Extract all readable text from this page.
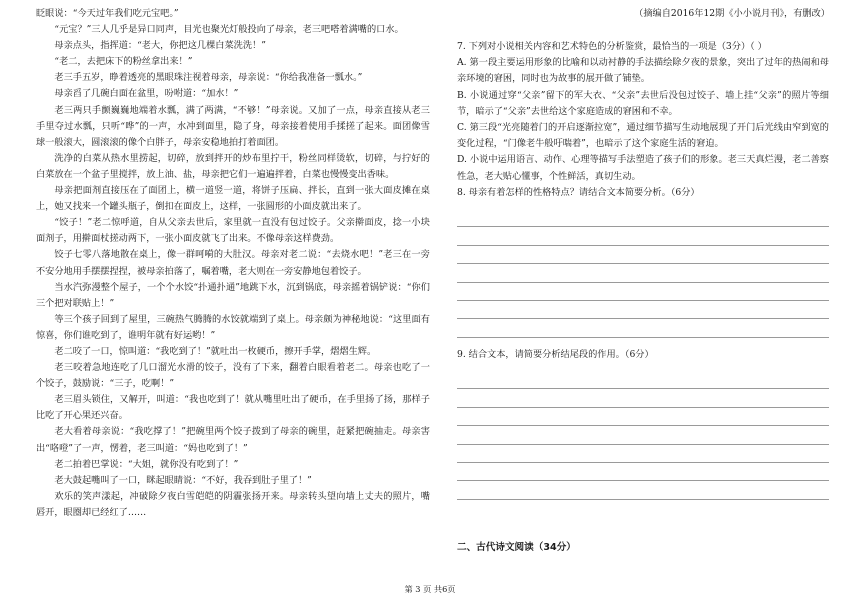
眨眼说：“今天过年我们吃元宝吧。”

“元宝？”三人几乎是异口同声，目光也聚光灯般投向了母亲，老三吧嗒着满嘴的口水。

母亲点头，指挥道：“老大，你把这几棵白菜洗洗！”

“老二，去把床下的粉丝拿出来！”

老三手五岁，睁着透亮的黑眼珠注视着母亲，母亲说：“你给我准备一瓢水。”

母亲舀了几碗白面在盆里，吩咐道：“加水！”

老三两只手颤巍巍地端着水瓢，满了两满，“不够！”母亲说。又加了一点，母亲直接从老三手里夺过水瓢，只听“哗”的一声，水冲到面里，隐了身，母亲接着使用手揉搓了起来。面团像雪球一般滚大，圆滚滚的像个白胖子，母亲安稳地拍打着面团。

洗净的白菜从热水里捞起，切碎，放到拌开的炒布里拧干，粉丝同样烫软，切碎，与拧好的白菜放在一个盆子里搅拌，放上油、盐，母亲把它们一遍遍拌着，白菜也慢慢变出香味。

母亲把面剂直接压在了面团上，横一道竖一道，将饼子压扁、拌长，直到一张大面皮摊在桌上，她又找来一个罐头瓶子，倒扣在面皮上，这样，一张圆形的小面皮就出来了。

“饺子！”老二惊呼道，自从父亲去世后，家里就一直没有包过饺子。父亲擀面皮，捻一小块面剂子，用擀面杖搓动两下，一张小面皮就飞了出来。不像母亲这样费劲。

饺子七零八落地散在桌上，像一群呵嗬的大肚汉。母亲对老二说：“去烧水吧！”老三在一旁不安分地用手摆摆捏捏，被母亲拍落了，嘱着嘴，老大则在一旁安静地包着饺子。

当水汽弥漫整个屋子，一个个水饺“扑通扑通”地跳下水，沉到锅底，母亲摇着锅铲说：“你们三个把对联贴上！”

等三个孩子回到了屋里，三碗热气腾腾的水饺就端到了桌上。母亲颇为神秘地说：“这里面有惊喜，你们谁吃到了，谁明年就有好运哟！”

老二咬了一口，惊叫道：“我吃到了！”就吐出一枚硬币，擦开手掌，熠熠生辉。

老三咬着急地连吃了几口溜光水滑的饺子，没有了下来，翻着白眼看着老二。母亲也吃了一个饺子，鼓励说：“三子，吃啊！”

老三眉头锁住，又解开，叫道：“我也吃到了！就从嘴里吐出了硬币，在手里扬了扬，那样子比吃了开心果还兴奋。

老大看着母亲说：“我吃撑了！”把碗里两个饺子拨到了母亲的碗里，赶紧把碗抽走。母亲害出“咯噔”了一声，愣着，老三叫道：“妈也吃到了！”

老二拍着巴掌说：“大姐，就你没有吃到了！”

老大鼓起嘴叫了一口，眯起眼睛说：“不好，我吞到肚子里了！”

欢乐的笑声漾起，冲破除夕夜白雪皑皑的阴霾张扬开来。母亲转头望向墙上丈夫的照片，嘴唇开，眼圈却已经红了……

（摘编自2016年12期《小小说月刊》，有删改）

7. 下列对小说相关内容和艺术特色的分析鉴赏，最恰当的一项是（3分）（ ）

A. 第一段主要运用形象的比喻和以动衬静的手法描绘除夕夜的景象，突出了过年的热闹和母亲环境的窘困，同时也为故事的展开做了铺垫。

B. 小说通过穿“父亲”留下的军大衣、“父亲”去世后没包过饺子、墙上挂“父亲”的照片等细节，暗示了“父亲”去世给这个家庭造成的窘困和不幸。

C. 第三段“光亮随着门的开启逐渐拉宽”，通过细节描写生动地展现了开门后光线由窄到宽的变化过程，“门像老牛般吁喘着”，也暗示了这个家庭生活的窘迫。

D. 小说中运用语言、动作、心理等描写手法塑造了孩子们的形象。老三天真烂漫，老二善察性急，老大贴心懂事，个性鲜活，真切生动。

8. 母亲有着怎样的性格特点？请结合文本简要分析。（6分）

9. 结合文本，请简要分析结尾段的作用。（6分）

二、古代诗文阅读（34分）
第 3 页 共6页
